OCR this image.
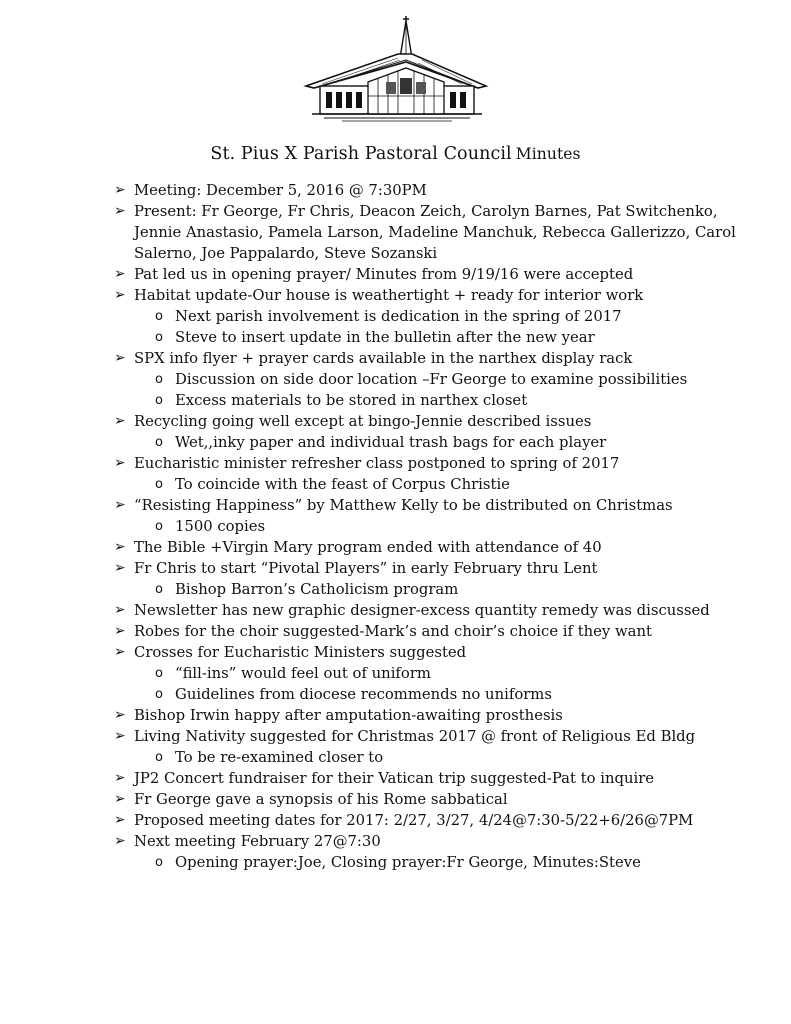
St. Pius X Parish Pastoral Council Minutes
➢ Meeting: December 5, 2016 @ 7:30PM
➢ Present: Fr George, Fr Chris, Deacon Zeich, Carolyn Barnes, Pat Switchenko,
Jennie Anastasio, Pamela Larson, Madeline Manchuk, Rebecca Gallerizzo, Carol
Salerno, Joe Pappalardo, Steve Sozanski
➢ Pat led us in opening prayer/ Minutes from 9/19/16 were accepted
➢ Habitat update-Our house is weathertight + ready for interior work
o Next parish involvement is dedication in the spring of 2017
o Steve to insert update in the bulletin after the new year
➢ SPX info flyer + prayer cards available in the narthex display rack
o Discussion on side door location –Fr George to examine possibilities
o Excess materials to be stored in narthex closet
➢ Recycling going well except at bingo-Jennie described issues
o Wet,,inky paper and individual trash bags for each player
➢ Eucharistic minister refresher class postponed to spring of 2017
o To coincide with the feast of Corpus Christie
➢ “Resisting Happiness” by Matthew Kelly to be distributed on Christmas
o 1500 copies
➢ The Bible +Virgin Mary program ended with attendance of 40
➢ Fr Chris to start “Pivotal Players” in early February thru Lent
o Bishop Barron’s Catholicism program
➢ Newsletter has new graphic designer-excess quantity remedy was discussed
➢ Robes for the choir suggested-Mark’s and choir’s choice if they want
➢ Crosses for Eucharistic Ministers suggested
o “fill-ins” would feel out of uniform
o Guidelines from diocese recommends no uniforms
➢ Bishop Irwin happy after amputation-awaiting prosthesis
➢ Living Nativity suggested for Christmas 2017 @ front of Religious Ed Bldg
o To be re-examined closer to
➢ JP2 Concert fundraiser for their Vatican trip suggested-Pat to inquire
➢ Fr George gave a synopsis of his Rome sabbatical
➢ Proposed meeting dates for 2017: 2/27, 3/27, 4/24@7:30-5/22+6/26@7PM
➢ Next meeting February 27@7:30
o Opening prayer:Joe, Closing prayer:Fr George, Minutes:Steve
